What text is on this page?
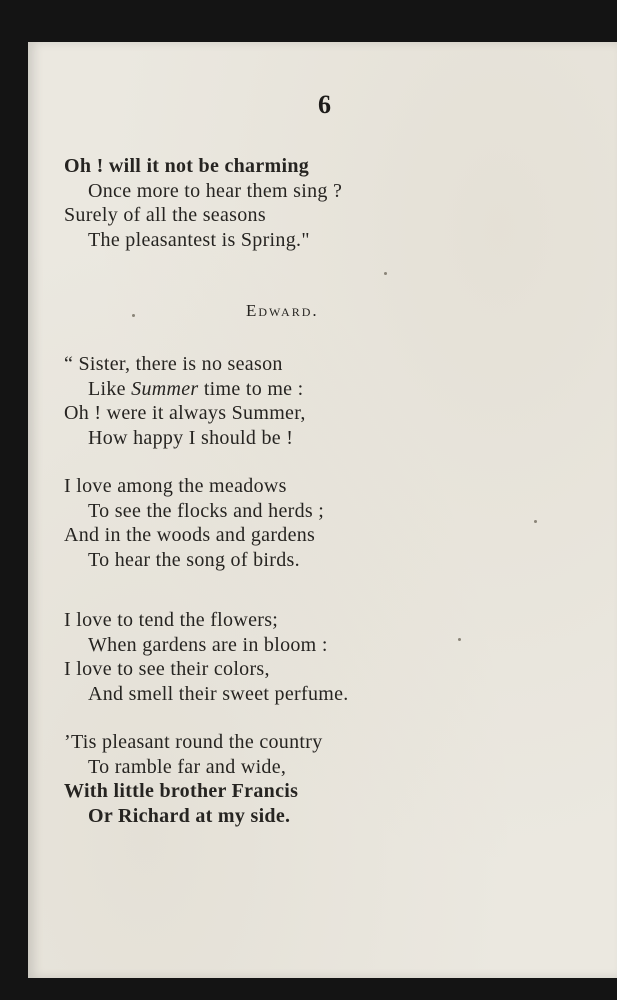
6
Oh ! will it not be charming
Once more to hear them sing ?
Surely of all the seasons
The pleasantest is Spring."
Edward.
“ Sister, there is no season
Like Summer time to me :
Oh ! were it always Summer,
How happy I should be !
I love among the meadows
To see the flocks and herds ;
And in the woods and gardens
To hear the song of birds.
I love to tend the flowers;
When gardens are in bloom :
I love to see their colors,
And smell their sweet perfume.
’Tis pleasant round the country
To ramble far and wide,
With little brother Francis
Or Richard at my side.
